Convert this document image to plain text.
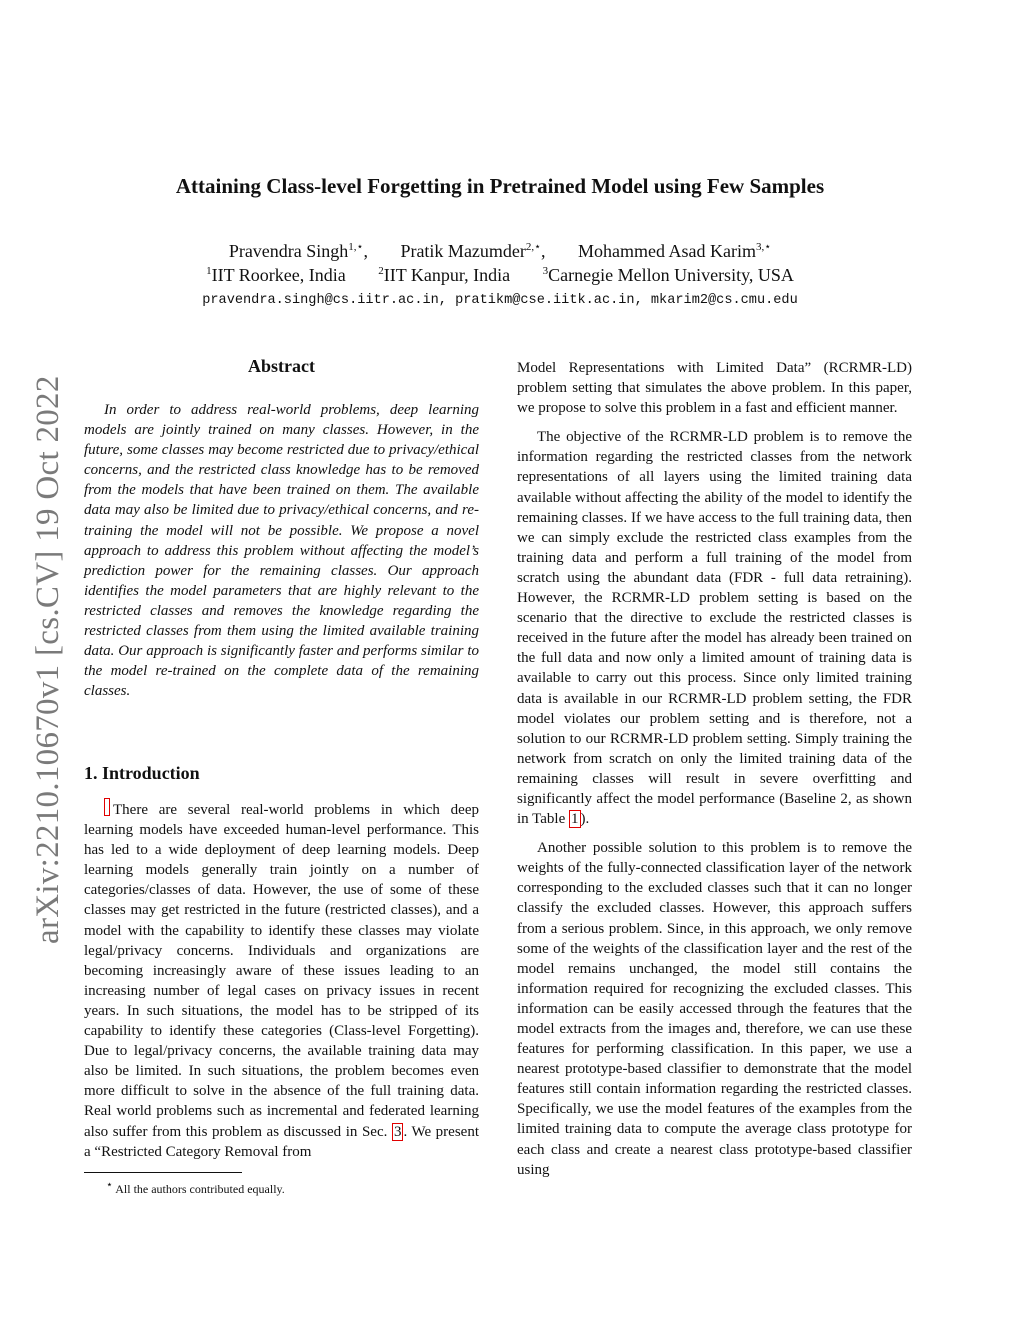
Attaining Class-level Forgetting in Pretrained Model using Few Samples
Pravendra Singh$^{1,⋆}$, Pratik Mazumder$^{2,⋆}$, Mohammed Asad Karim$^{3,⋆}$
$^1$IIT Roorkee, India	$^2$IIT Kanpur, India	$^3$Carnegie Mellon University, USA
pravendra.singh@cs.iitr.ac.in, pratikm@cse.iitk.ac.in, mkarim2@cs.cmu.edu
arXiv:2210.10670v1 [cs.CV] 19 Oct 2022
Abstract

In order to address real-world problems, deep learning models are jointly trained on many classes. However, in the future, some classes may become restricted due to privacy/ethical concerns, and the restricted class knowledge has to be removed from the models that have been trained on them. The available data may also be limited due to privacy/ethical concerns, and re-training the model will not be possible. We propose a novel approach to address this problem without affecting the model’s prediction power for the remaining classes. Our approach identifies the model parameters that are highly relevant to the restricted classes and removes the knowledge regarding the restricted classes from them using the limited available training data. Our approach is significantly faster and performs similar to the model re-trained on the complete data of the remaining classes.

1. Introduction

There are several real-world problems in which deep learning models have exceeded human-level performance. This has led to a wide deployment of deep learning models. Deep learning models generally train jointly on a number of categories/classes of data. However, the use of some of these classes may get restricted in the future (restricted classes), and a model with the capability to identify these classes may violate legal/privacy concerns. Individuals and organizations are becoming increasingly aware of these issues leading to an increasing number of legal cases on privacy issues in recent years. In such situations, the model has to be stripped of its capability to identify these categories (Class-level Forgetting). Due to legal/privacy concerns, the available training data may also be limited. In such situations, the problem becomes even more difficult to solve in the absence of the full training data. Real world problems such as incremental and federated learning also suffer from this problem as discussed in Sec. 3 . We present a “Restricted Category Removal from

Model Representations with Limited Data” (RCRMR-LD) problem setting that simulates the above problem. In this paper, we propose to solve this problem in a fast and efficient manner.

The objective of the RCRMR-LD problem is to remove the information regarding the restricted classes from the network representations of all layers using the limited training data available without affecting the ability of the model to identify the remaining classes. If we have access to the full training data, then we can simply exclude the restricted class examples from the training data and perform a full training of the model from scratch using the abundant data (FDR - full data retraining). However, the RCRMR-LD problem setting is based on the scenario that the directive to exclude the restricted classes is received in the future after the model has already been trained on the full data and now only a limited amount of training data is available to carry out this process. Since only limited training data is available in our RCRMR-LD problem setting, the FDR model violates our problem setting and is therefore, not a solution to our RCRMR-LD problem setting. Simply training the network from scratch on only the limited training data of the remaining classes will result in severe overfitting and significantly affect the model performance (Baseline 2, as shown in Table 1 ).

Another possible solution to this problem is to remove the weights of the fully-connected classification layer of the network corresponding to the excluded classes such that it can no longer classify the excluded classes. However, this approach suffers from a serious problem. Since, in this approach, we only remove some of the weights of the classification layer and the rest of the model remains unchanged, the model still contains the information required for recognizing the excluded classes. This information can be easily accessed through the features that the model extracts from the images and, therefore, we can use these features for performing classification. In this paper, we use a nearest prototype-based classifier to demonstrate that the model features still contain information regarding the restricted classes. Specifically, we use the model features of the examples from the limited training data to compute the average class prototype for each class and create a nearest class prototype-based classifier using

⋆ All the authors contributed equally.
